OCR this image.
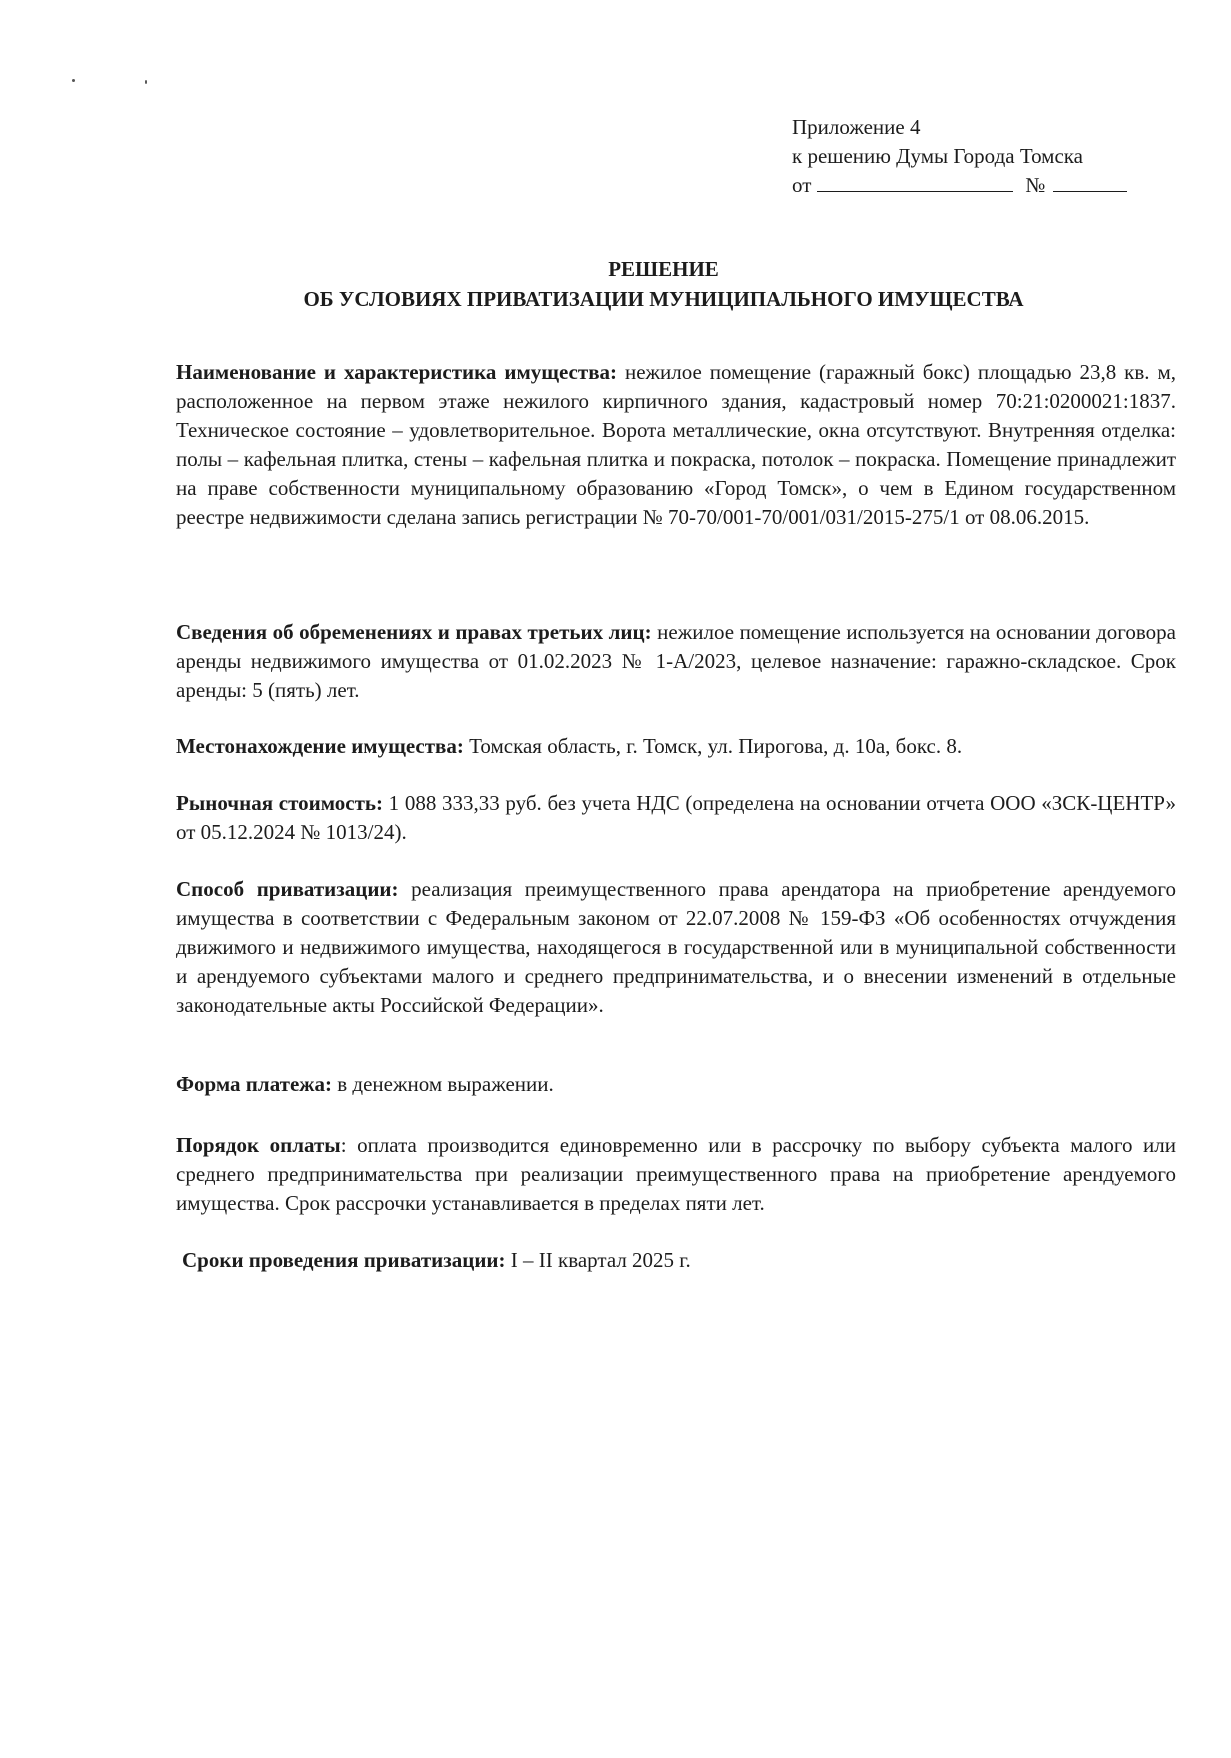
Приложение 4
к решению Думы Города Томска
от	№
РЕШЕНИЕ
ОБ УСЛОВИЯХ ПРИВАТИЗАЦИИ МУНИЦИПАЛЬНОГО ИМУЩЕСТВА
Наименование и характеристика имущества: нежилое помещение (гаражный бокс) площадью 23,8 кв. м, расположенное на первом этаже нежилого кирпичного здания, кадастровый номер 70:21:0200021:1837. Техническое состояние – удовлетворительное. Ворота металлические, окна отсутствуют. Внутренняя отделка: полы – кафельная плитка, стены – кафельная плитка и покраска, потолок – покраска. Помещение принадлежит на праве собственности муниципальному образованию «Город Томск», о чем в Едином государственном реестре недвижимости сделана запись регистрации № 70-70/001-70/001/031/2015-275/1 от 08.06.2015.
Сведения об обременениях и правах третьих лиц: нежилое помещение используется на основании договора аренды недвижимого имущества от 01.02.2023 № 1-А/2023, целевое назначение: гаражно-складское. Срок аренды: 5 (пять) лет.
Местонахождение имущества: Томская область, г. Томск, ул. Пирогова, д. 10а, бокс. 8.
Рыночная стоимость: 1 088 333,33 руб. без учета НДС (определена на основании отчета ООО «ЗСК-ЦЕНТР» от 05.12.2024 № 1013/24).
Способ приватизации: реализация преимущественного права арендатора на приобретение арендуемого имущества в соответствии с Федеральным законом от 22.07.2008 № 159-ФЗ «Об особенностях отчуждения движимого и недвижимого имущества, находящегося в государственной или в муниципальной собственности и арендуемого субъектами малого и среднего предпринимательства, и о внесении изменений в отдельные законодательные акты Российской Федерации».
Форма платежа: в денежном выражении.
Порядок оплаты: оплата производится единовременно или в рассрочку по выбору субъекта малого или среднего предпринимательства при реализации преимущественного права на приобретение арендуемого имущества. Срок рассрочки устанавливается в пределах пяти лет.
Сроки проведения приватизации: I – II квартал 2025 г.
